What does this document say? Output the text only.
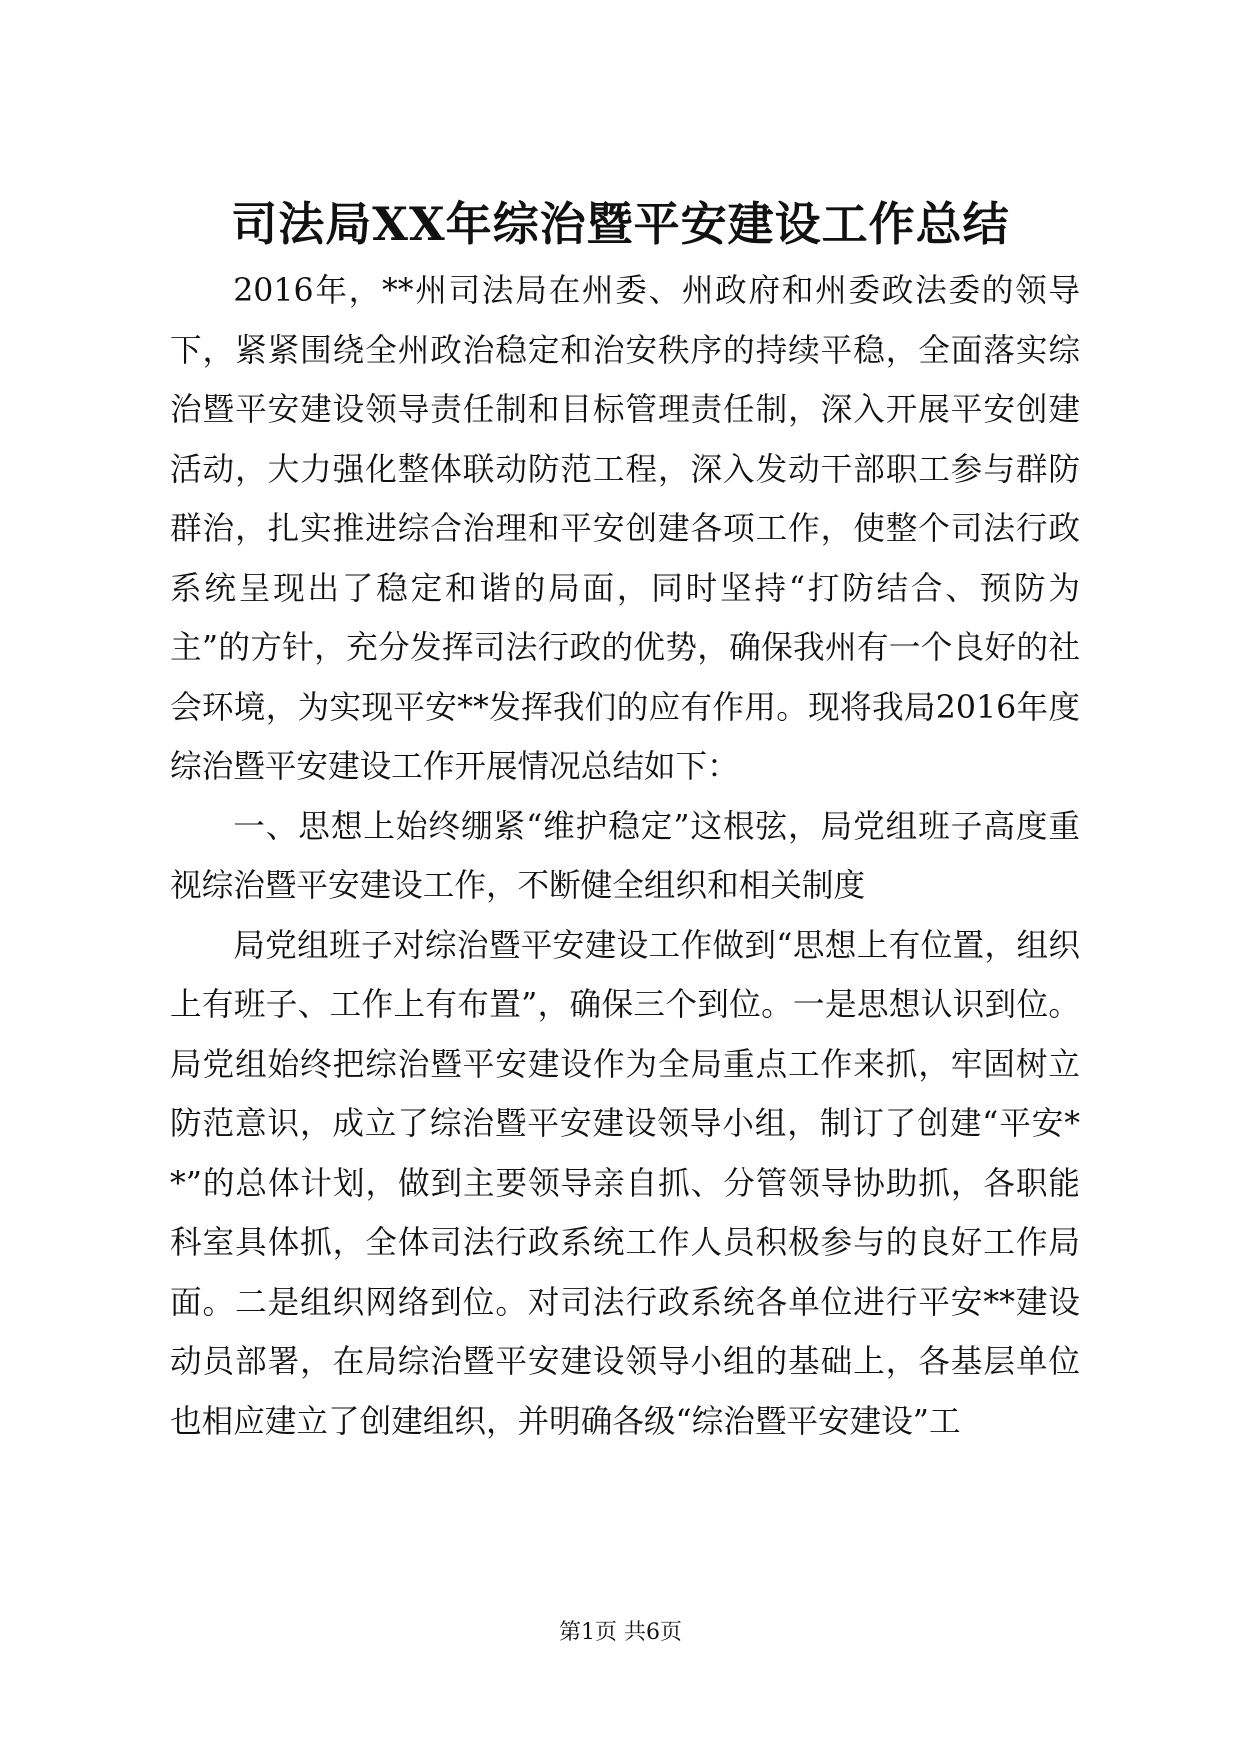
司法局XX年综治暨平安建设工作总结

2016年，**州司法局在州委、州政府和州委政法委的领导下，紧紧围绕全州政治稳定和治安秩序的持续平稳，全面落实综治暨平安建设领导责任制和目标管理责任制，深入开展平安创建活动，大力强化整体联动防范工程，深入发动干部职工参与群防群治，扎实推进综合治理和平安创建各项工作，使整个司法行政系统呈现出了稳定和谐的局面，同时坚持“打防结合、预防为主”的方针，充分发挥司法行政的优势，确保我州有一个良好的社会环境，为实现平安**发挥我们的应有作用。现将我局2016年度综治暨平安建设工作开展情况总结如下：

一、思想上始终绷紧“维护稳定”这根弦，局党组班子高度重视综治暨平安建设工作，不断健全组织和相关制度

局党组班子对综治暨平安建设工作做到“思想上有位置，组织上有班子、工作上有布置”，确保三个到位。一是思想认识到位。局党组始终把综治暨平安建设作为全局重点工作来抓，牢固树立防范意识，成立了综治暨平安建设领导小组，制订了创建“平安**”的总体计划，做到主要领导亲自抓、分管领导协助抓，各职能科室具体抓，全体司法行政系统工作人员积极参与的良好工作局面。二是组织网络到位。对司法行政系统各单位进行平安**建设动员部署，在局综治暨平安建设领导小组的基础上，各基层单位也相应建立了创建组织，并明确各级“综治暨平安建设”工

第1页 共6页
